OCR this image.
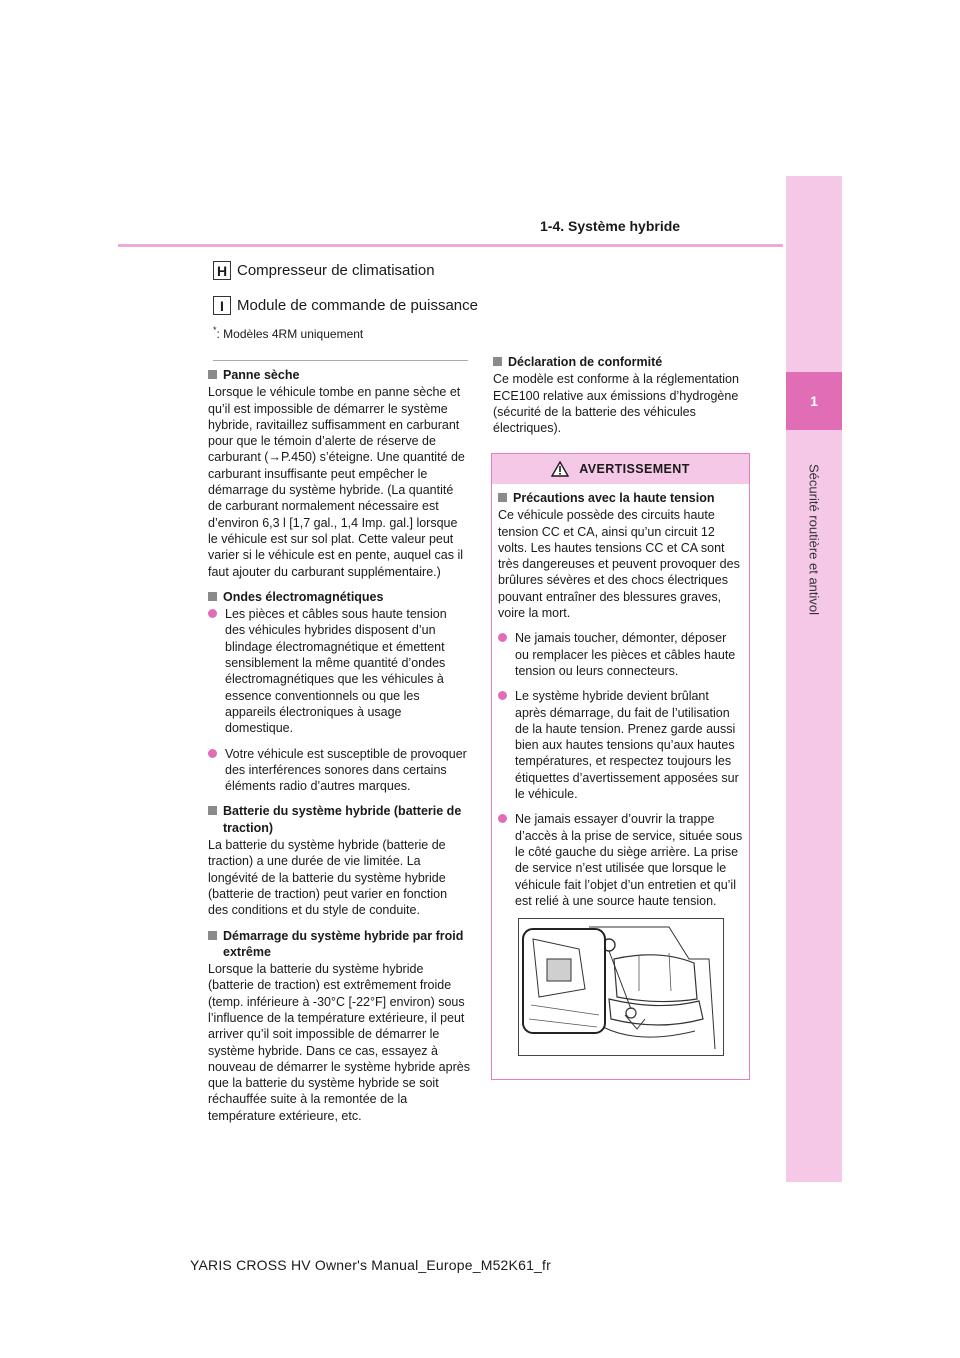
1-4. Système hybride
1
Sécurité routière et antivol
H Compresseur de climatisation
I Module de commande de puissance
*: Modèles 4RM uniquement
Panne sèche

Lorsque le véhicule tombe en panne sèche et qu’il est impossible de démarrer le système hybride, ravitaillez suffisamment en carburant pour que le témoin d’alerte de réserve de carburant (→P.450) s’éteigne. Une quantité de carburant insuffisante peut empêcher le démarrage du système hybride. (La quantité de carburant normalement nécessaire est d’environ 6,3 l [1,7 gal., 1,4 Imp. gal.] lorsque le véhicule est sur sol plat. Cette valeur peut varier si le véhicule est en pente, auquel cas il faut ajouter du carburant supplémentaire.)

Ondes électromagnétiques
Les pièces et câbles sous haute tension des véhicules hybrides disposent d’un blindage électromagnétique et émettent sensiblement la même quantité d’ondes électromagnétiques que les véhicules à essence conventionnels ou que les appareils électroniques à usage domestique.
Votre véhicule est susceptible de provoquer des interférences sonores dans certains éléments radio d’autres marques.
Batterie du système hybride (batterie de traction)

La batterie du système hybride (batterie de traction) a une durée de vie limitée. La longévité de la batterie du système hybride (batterie de traction) peut varier en fonction des conditions et du style de conduite.

Démarrage du système hybride par froid extrême

Lorsque la batterie du système hybride (batterie de traction) est extrêmement froide (temp. inférieure à -30°C [-22°F] environ) sous l’influence de la température extérieure, il peut arriver qu’il soit impossible de démarrer le système hybride. Dans ce cas, essayez à nouveau de démarrer le système hybride après que la batterie du système hybride se soit réchauffée suite à la remontée de la température extérieure, etc.

Déclaration de conformité

Ce modèle est conforme à la réglementation ECE100 relative aux émissions d’hydrogène (sécurité de la batterie des véhicules électriques).

AVERTISSEMENT
Précautions avec la haute tension

Ce véhicule possède des circuits haute tension CC et CA, ainsi qu’un circuit 12 volts. Les hautes tensions CC et CA sont très dangereuses et peuvent provoquer des brûlures sévères et des chocs électriques pouvant entraîner des blessures graves, voire la mort.

Ne jamais toucher, démonter, déposer ou remplacer les pièces et câbles haute tension ou leurs connecteurs.
Le système hybride devient brûlant après démarrage, du fait de l’utilisation de la haute tension. Prenez garde aussi bien aux hautes tensions qu’aux hautes températures, et respectez toujours les étiquettes d’avertissement apposées sur le véhicule.
Ne jamais essayer d’ouvrir la trappe d’accès à la prise de service, située sous le côté gauche du siège arrière. La prise de service n’est utilisée que lorsque le véhicule fait l’objet d’un entretien et qu’il est relié à une source haute tension.
YARIS CROSS HV Owner's Manual_Europe_M52K61_fr
